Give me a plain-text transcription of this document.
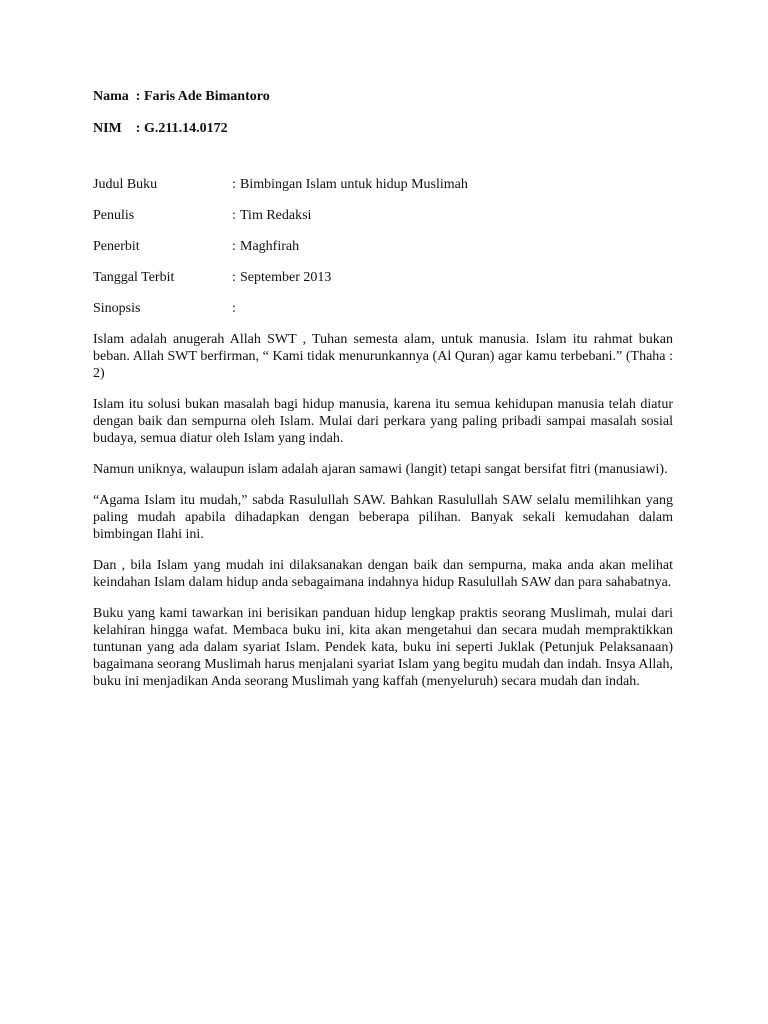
Nama : Faris Ade Bimantoro
NIM : G.211.14.0172
Judul Buku	: Bimbingan Islam untuk hidup Muslimah
Penulis	: Tim Redaksi
Penerbit	: Maghfirah
Tanggal Terbit	: September 2013
Sinopsis	:

Islam adalah anugerah Allah SWT , Tuhan semesta alam, untuk manusia. Islam itu rahmat bukan beban. Allah SWT berfirman, “ Kami tidak menurunkannya (Al Quran) agar kamu terbebani.” (Thaha : 2)

Islam itu solusi bukan masalah bagi hidup manusia, karena itu semua kehidupan manusia telah diatur dengan baik dan sempurna oleh Islam. Mulai dari perkara yang paling pribadi sampai masalah sosial budaya, semua diatur oleh Islam yang indah.

Namun uniknya, walaupun islam adalah ajaran samawi (langit) tetapi sangat bersifat fitri (manusiawi).

“Agama Islam itu mudah,” sabda Rasulullah SAW. Bahkan Rasulullah SAW selalu memilihkan yang paling mudah apabila dihadapkan dengan beberapa pilihan. Banyak sekali kemudahan dalam bimbingan Ilahi ini.

Dan , bila Islam yang mudah ini dilaksanakan dengan baik dan sempurna, maka anda akan melihat keindahan Islam dalam hidup anda sebagaimana indahnya hidup Rasulullah SAW dan para sahabatnya.

Buku yang kami tawarkan ini berisikan panduan hidup lengkap praktis seorang Muslimah, mulai dari kelahiran hingga wafat. Membaca buku ini, kita akan mengetahui dan secara mudah mempraktikkan tuntunan yang ada dalam syariat Islam. Pendek kata, buku ini seperti Juklak (Petunjuk Pelaksanaan) bagaimana seorang Muslimah harus menjalani syariat Islam yang begitu mudah dan indah. Insya Allah, buku ini menjadikan Anda seorang Muslimah yang kaffah (menyeluruh) secara mudah dan indah.
